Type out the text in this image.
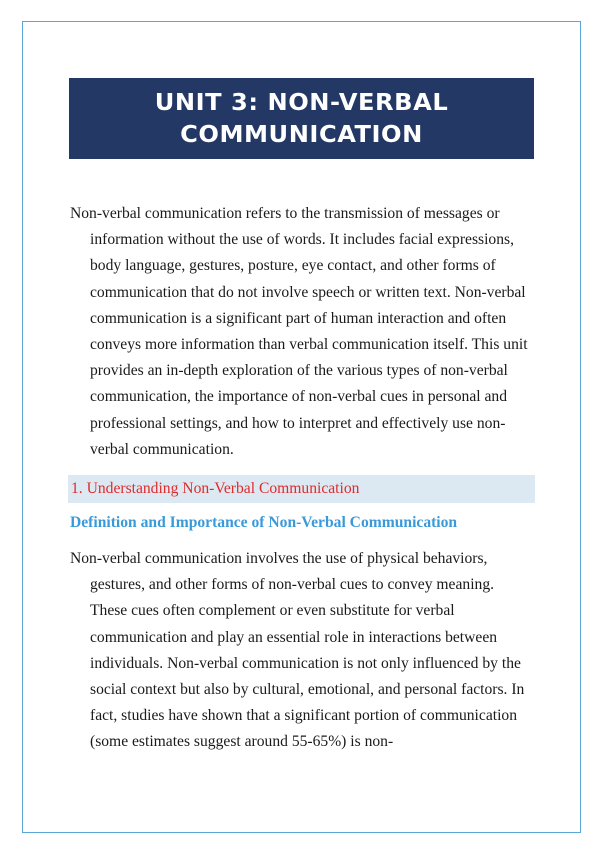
UNIT 3: NON-VERBAL
COMMUNICATION

Non-verbal communication refers to the transmission of messages or information without the use of words. It includes facial expressions, body language, gestures, posture, eye contact, and other forms of communication that do not involve speech or written text. Non-verbal communication is a significant part of human interaction and often conveys more information than verbal communication itself. This unit provides an in-depth exploration of the various types of non-verbal communication, the importance of non-verbal cues in personal and professional settings, and how to interpret and effectively use non-verbal communication.

1. Understanding Non-Verbal Communication
Definition and Importance of Non-Verbal Communication

Non-verbal communication involves the use of physical behaviors, gestures, and other forms of non-verbal cues to convey meaning. These cues often complement or even substitute for verbal communication and play an essential role in interactions between individuals. Non-verbal communication is not only influenced by the social context but also by cultural, emotional, and personal factors. In fact, studies have shown that a significant portion of communication (some estimates suggest around 55-65%) is non-
